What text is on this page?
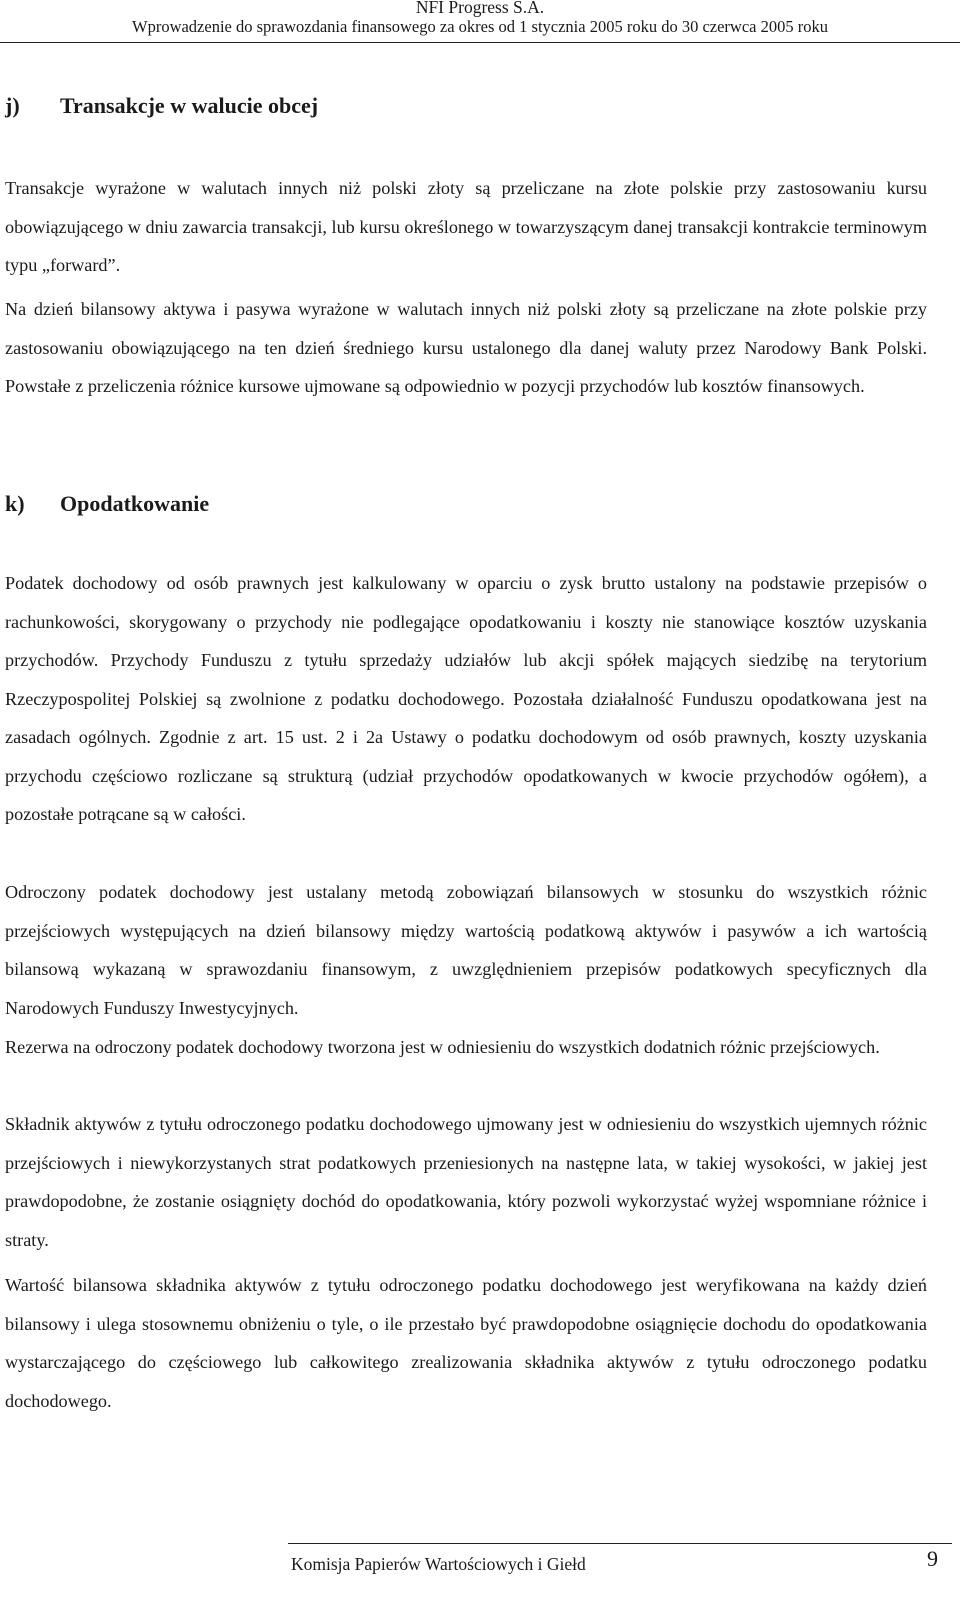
NFI Progress S.A.
Wprowadzenie do sprawozdania finansowego za okres od 1 stycznia 2005 roku do 30 czerwca 2005 roku
j) Transakcje w walucie obcej

Transakcje wyrażone w walutach innych niż polski złoty są przeliczane na złote polskie przy zastosowaniu kursu obowiązującego w dniu zawarcia transakcji, lub kursu określonego w towarzyszącym danej transakcji kontrakcie terminowym typu „forward”.

Na dzień bilansowy aktywa i pasywa wyrażone w walutach innych niż polski złoty są przeliczane na złote polskie przy zastosowaniu obowiązującego na ten dzień średniego kursu ustalonego dla danej waluty przez Narodowy Bank Polski. Powstałe z przeliczenia różnice kursowe ujmowane są odpowiednio w pozycji przychodów lub kosztów finansowych.

k) Opodatkowanie

Podatek dochodowy od osób prawnych jest kalkulowany w oparciu o zysk brutto ustalony na podstawie przepisów o rachunkowości, skorygowany o przychody nie podlegające opodatkowaniu i koszty nie stanowiące kosztów uzyskania przychodów. Przychody Funduszu z tytułu sprzedaży udziałów lub akcji spółek mających siedzibę na terytorium Rzeczypospolitej Polskiej są zwolnione z podatku dochodowego. Pozostała działalność Funduszu opodatkowana jest na zasadach ogólnych. Zgodnie z art. 15 ust. 2 i 2a Ustawy o podatku dochodowym od osób prawnych, koszty uzyskania przychodu częściowo rozliczane są strukturą (udział przychodów opodatkowanych w kwocie przychodów ogółem), a pozostałe potrącane są w całości.

Odroczony podatek dochodowy jest ustalany metodą zobowiązań bilansowych w stosunku do wszystkich różnic przejściowych występujących na dzień bilansowy między wartością podatkową aktywów i pasywów a ich wartością bilansową wykazaną w sprawozdaniu finansowym, z uwzględnieniem przepisów podatkowych specyficznych dla Narodowych Funduszy Inwestycyjnych.

Rezerwa na odroczony podatek dochodowy tworzona jest w odniesieniu do wszystkich dodatnich różnic przejściowych.

Składnik aktywów z tytułu odroczonego podatku dochodowego ujmowany jest w odniesieniu do wszystkich ujemnych różnic przejściowych i niewykorzystanych strat podatkowych przeniesionych na następne lata, w takiej wysokości, w jakiej jest prawdopodobne, że zostanie osiągnięty dochód do opodatkowania, który pozwoli wykorzystać wyżej wspomniane różnice i straty.

Wartość bilansowa składnika aktywów z tytułu odroczonego podatku dochodowego jest weryfikowana na każdy dzień bilansowy i ulega stosownemu obniżeniu o tyle, o ile przestało być prawdopodobne osiągnięcie dochodu do opodatkowania wystarczającego do częściowego lub całkowitego zrealizowania składnika aktywów z tytułu odroczonego podatku dochodowego.

Komisja Papierów Wartościowych i Giełd	9
